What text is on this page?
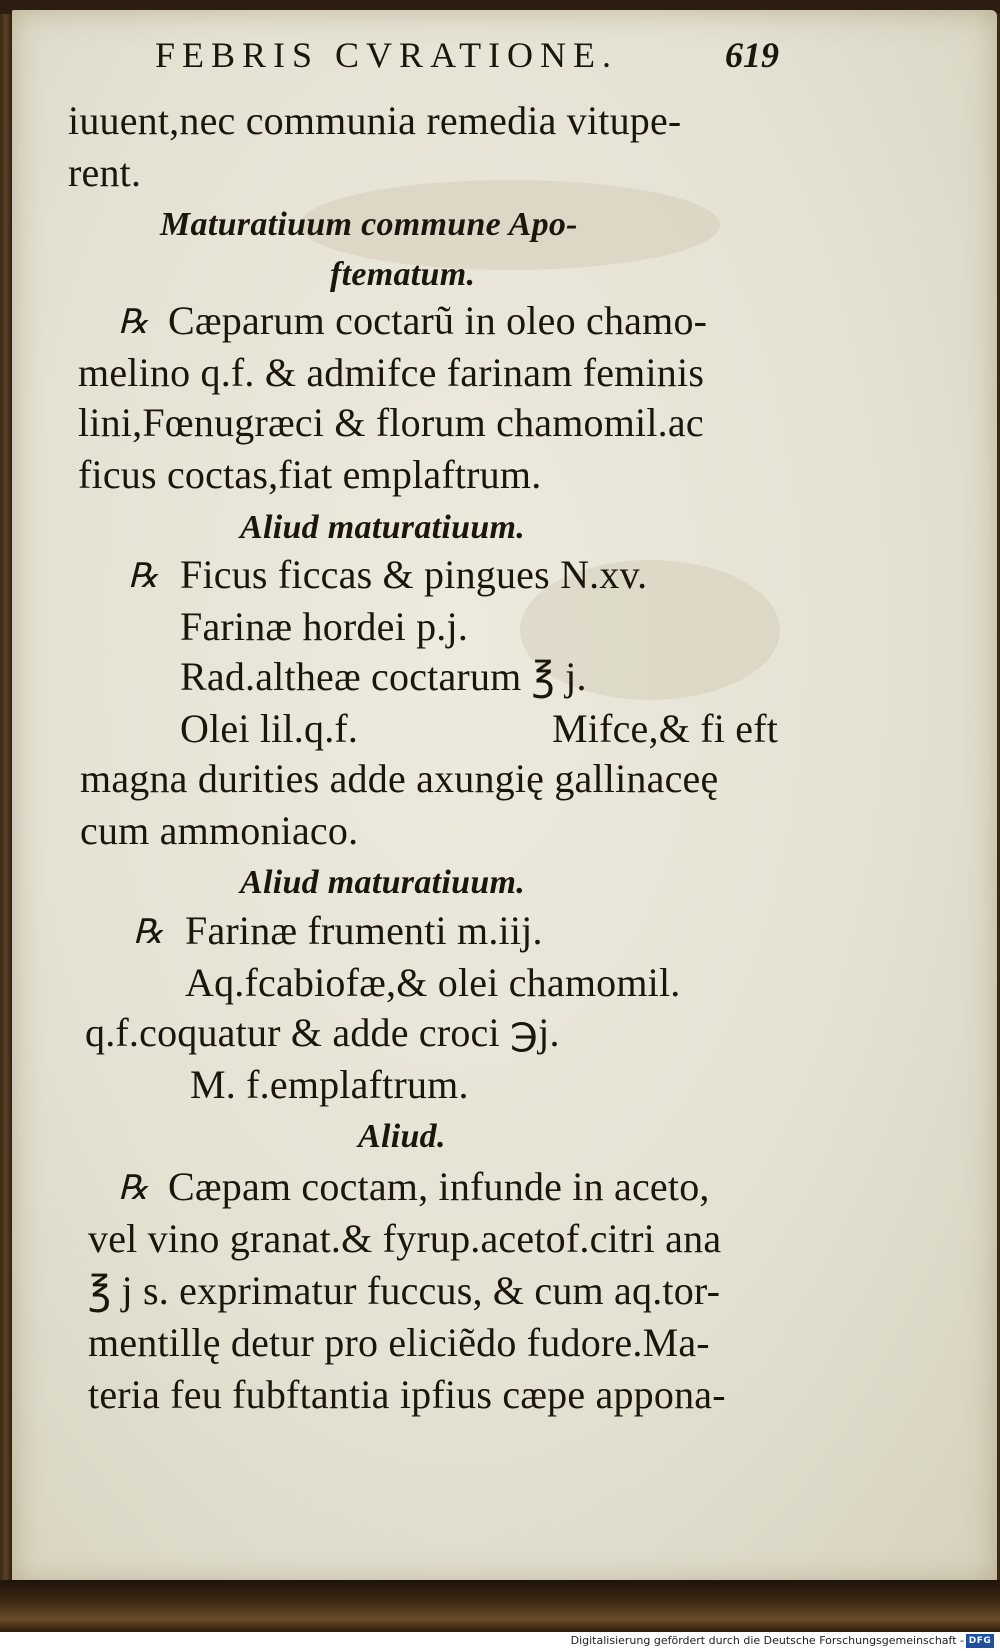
FEBRIS CVRATIONE.	619
iuuent,nec communia remedia vitupe-
rent.
Maturatiuum commune Apo-
ftematum.
℞ Cæparum coctarũ in oleo chamo-
melino q.f. & admifce farinam feminis
lini,Fœnugræci & florum chamomil.ac
ficus coctas,fiat emplaftrum.
Aliud maturatiuum.
℞ Ficus ficcas & pingues N.xv.
Farinæ hordei p.j.
Rad.althеæ coctarum ℥ j.
Olei lil.q.f.	Mifce,& fi eft
magna durities adde axungię gallinaceę
cum ammoniaco.
Aliud maturatiuum.
℞ Farinæ frumenti m.iij.
Aq.fcabiofæ,& olei chamomil.
q.f.coquatur & adde croci ℈j.
M. f.emplaftrum.
Aliud.
℞ Cæpam coctam, infunde in aceto,
vel vino granat.& fyrup.acetof.citri ana
℥ j s. exprimatur fuccus, & cum aq.tor-
mentillę detur pro eliciẽdo fudore.Ma-
teria feu fubftantia ipfius cæpe appona-
Digitalisierung gefördert durch die Deutsche Forschungsgemeinschaft - DFG
